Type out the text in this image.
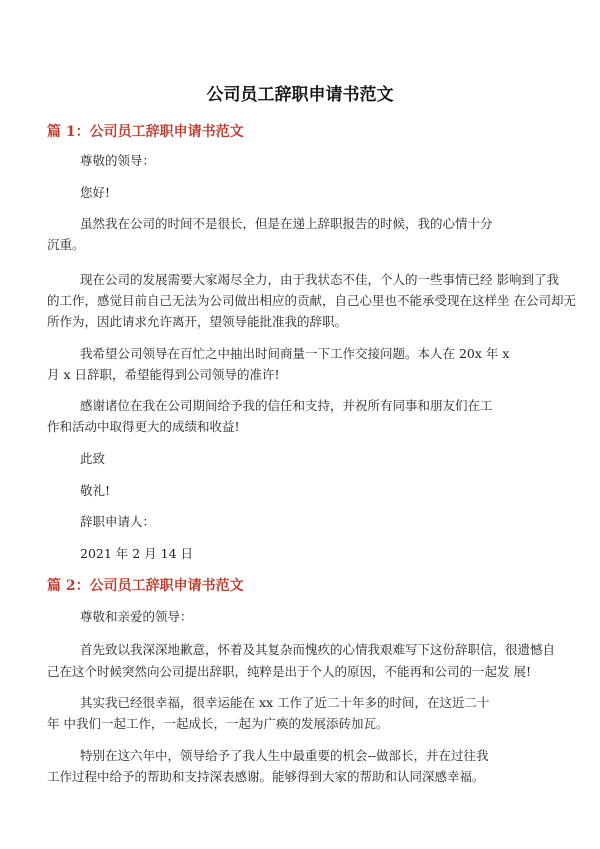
公司员工辞职申请书范文
篇 1：公司员工辞职申请书范文
尊敬的领导：
您好!
虽然我在公司的时间不是很长，但是在递上辞职报告的时候，我的心情十分
沉重。
现在公司的发展需要大家竭尽全力，由于我状态不佳，个人的一些事情已经 影响到了我
的工作，感觉目前自己无法为公司做出相应的贡献，自己心里也不能承受现在这样坐 在公司却无
所作为，因此请求允许离开，望领导能批准我的辞职。
我希望公司领导在百忙之中抽出时间商量一下工作交接问题。本人在 20x 年 x
月 x 日辞职，希望能得到公司领导的准许!
感谢诸位在我在公司期间给予我的信任和支持，并祝所有同事和朋友们在工
作和活动中取得更大的成绩和收益!
此致
敬礼!
辞职申请人：
2021 年 2 月 14 日
篇 2：公司员工辞职申请书范文
尊敬和亲爱的领导：
首先致以我深深地歉意，怀着及其复杂而愧疚的心情我艰难写下这份辞职信，很遗憾自
己在这个时候突然向公司提出辞职，纯粹是出于个人的原因，不能再和公司的一起发 展!
其实我已经很幸福，很幸运能在 xx 工作了近二十年多的时间，在这近二十
年 中我们一起工作，一起成长，一起为广痪的发展添砖加瓦。
特别在这六年中，领导给予了我人生中最重要的机会--做部长，并在过往我
工作过程中给予的帮助和支持深表感谢。能够得到大家的帮助和认同深感幸福。
